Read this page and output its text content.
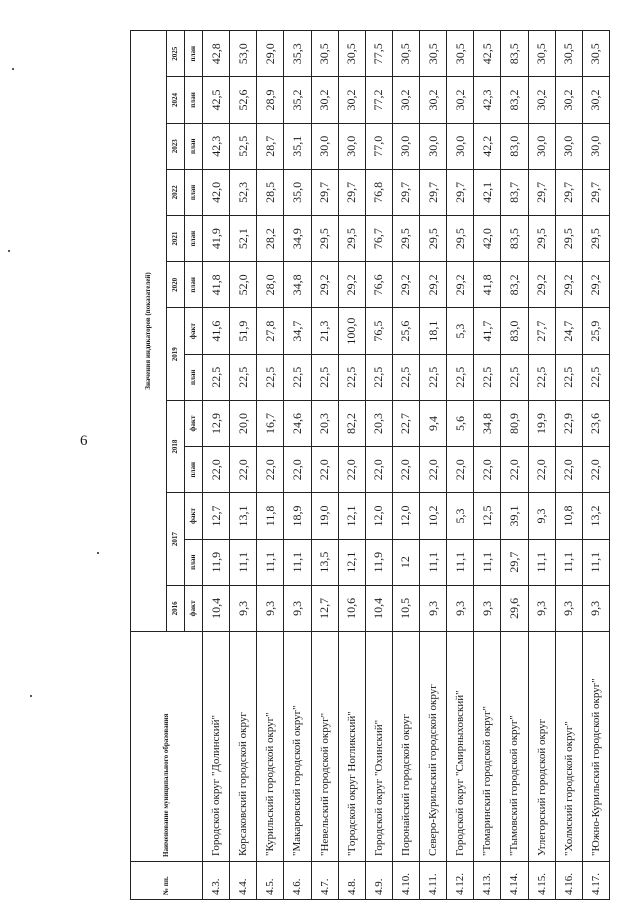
6
№ пп.	Наименование муниципального образования	Значения индикаторов (показателей)												
		2016	2017		2018		2019		2020	2021	2022	2023	2024	2025
		факт	план	факт	план	факт	план	факт	план	план	план	план	план	план
4.3.	Городской округ "Долинский"	10,4	11,9	12,7	22,0	12,9	22,5	41,6	41,8	41,9	42,0	42,3	42,5	42,8
4.4.	Корсаковский городской округ	9,3	11,1	13,1	22,0	20,0	22,5	51,9	52,0	52,1	52,3	52,5	52,6	53,0
4.5.	"Курильский городской округ"	9,3	11,1	11,8	22,0	16,7	22,5	27,8	28,0	28,2	28,5	28,7	28,9	29,0
4.6.	"Макаровский городской округ"	9,3	11,1	18,9	22,0	24,6	22,5	34,7	34,8	34,9	35,0	35,1	35,2	35,3
4.7.	"Невельский городской округ"	12,7	13,5	19,0	22,0	20,3	22,5	21,3	29,2	29,5	29,7	30,0	30,2	30,5
4.8.	"Городской округ Ногликский"	10,6	12,1	12,1	22,0	82,2	22,5	100,0	29,2	29,5	29,7	30,0	30,2	30,5
4.9.	Городской округ "Охинский"	10,4	11,9	12,0	22,0	20,3	22,5	76,5	76,6	76,7	76,8	77,0	77,2	77,5
4.10.	Поронайский городской округ	10,5	12	12,0	22,0	22,7	22,5	25,6	29,2	29,5	29,7	30,0	30,2	30,5
4.11.	Северо-Курильский городской округ	9,3	11,1	10,2	22,0	9,4	22,5	18,1	29,2	29,5	29,7	30,0	30,2	30,5
4.12.	Городской округ "Смирныховский"	9,3	11,1	5,3	22,0	5,6	22,5	5,3	29,2	29,5	29,7	30,0	30,2	30,5
4.13.	"Томаринский городской округ"	9,3	11,1	12,5	22,0	34,8	22,5	41,7	41,8	42,0	42,1	42,2	42,3	42,5
4.14.	"Тымовский городской округ"	29,6	29,7	39,1	22,0	80,9	22,5	83,0	83,2	83,5	83,7	83,0	83,2	83,5
4.15.	Углегорский городской округ	9,3	11,1	9,3	22,0	19,9	22,5	27,7	29,2	29,5	29,7	30,0	30,2	30,5
4.16.	"Холмский городской округ"	9,3	11,1	10,8	22,0	22,9	22,5	24,7	29,2	29,5	29,7	30,0	30,2	30,5
4.17.	"Южно-Курильский городской округ"	9,3	11,1	13,2	22,0	23,6	22,5	25,9	29,2	29,5	29,7	30,0	30,2	30,5
